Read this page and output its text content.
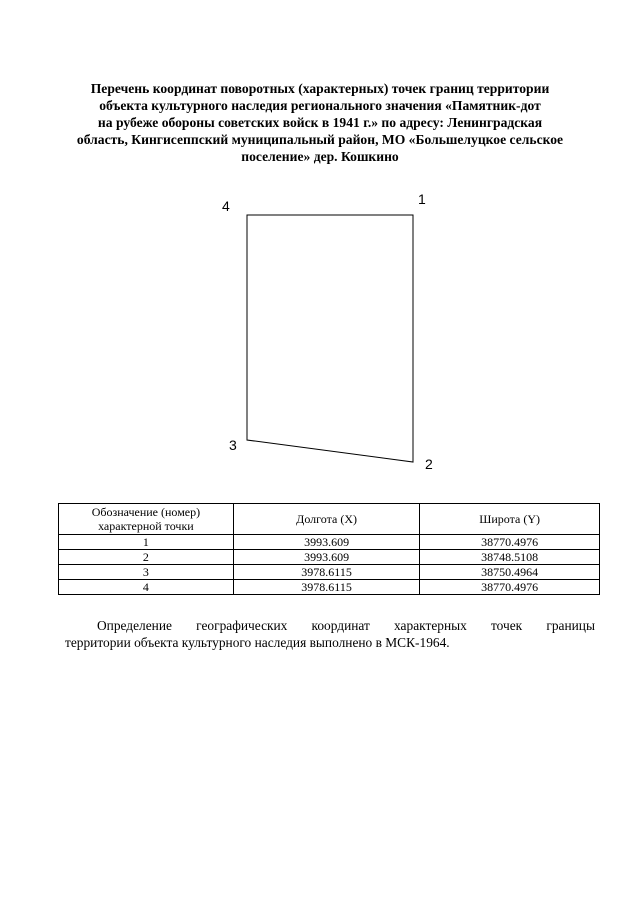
Перечень координат поворотных (характерных) точек границ территории
объекта культурного наследия регионального значения «Памятник-дот
на рубеже обороны советских войск в 1941 г.» по адресу: Ленинградская
область, Кингисеппский муниципальный район, МО «Большелуцкое сельское
поселение» дер. Кошкино
1
2
3
4
Обозначение (номер) характерной точки	Долгота (X)	Широта (Y)
1	3993.609	38770.4976
2	3993.609	38748.5108
3	3978.6115	38750.4964
4	3978.6115	38770.4976
Определение географических координат характерных точек границы
территории объекта культурного наследия выполнено в МСК-1964.
